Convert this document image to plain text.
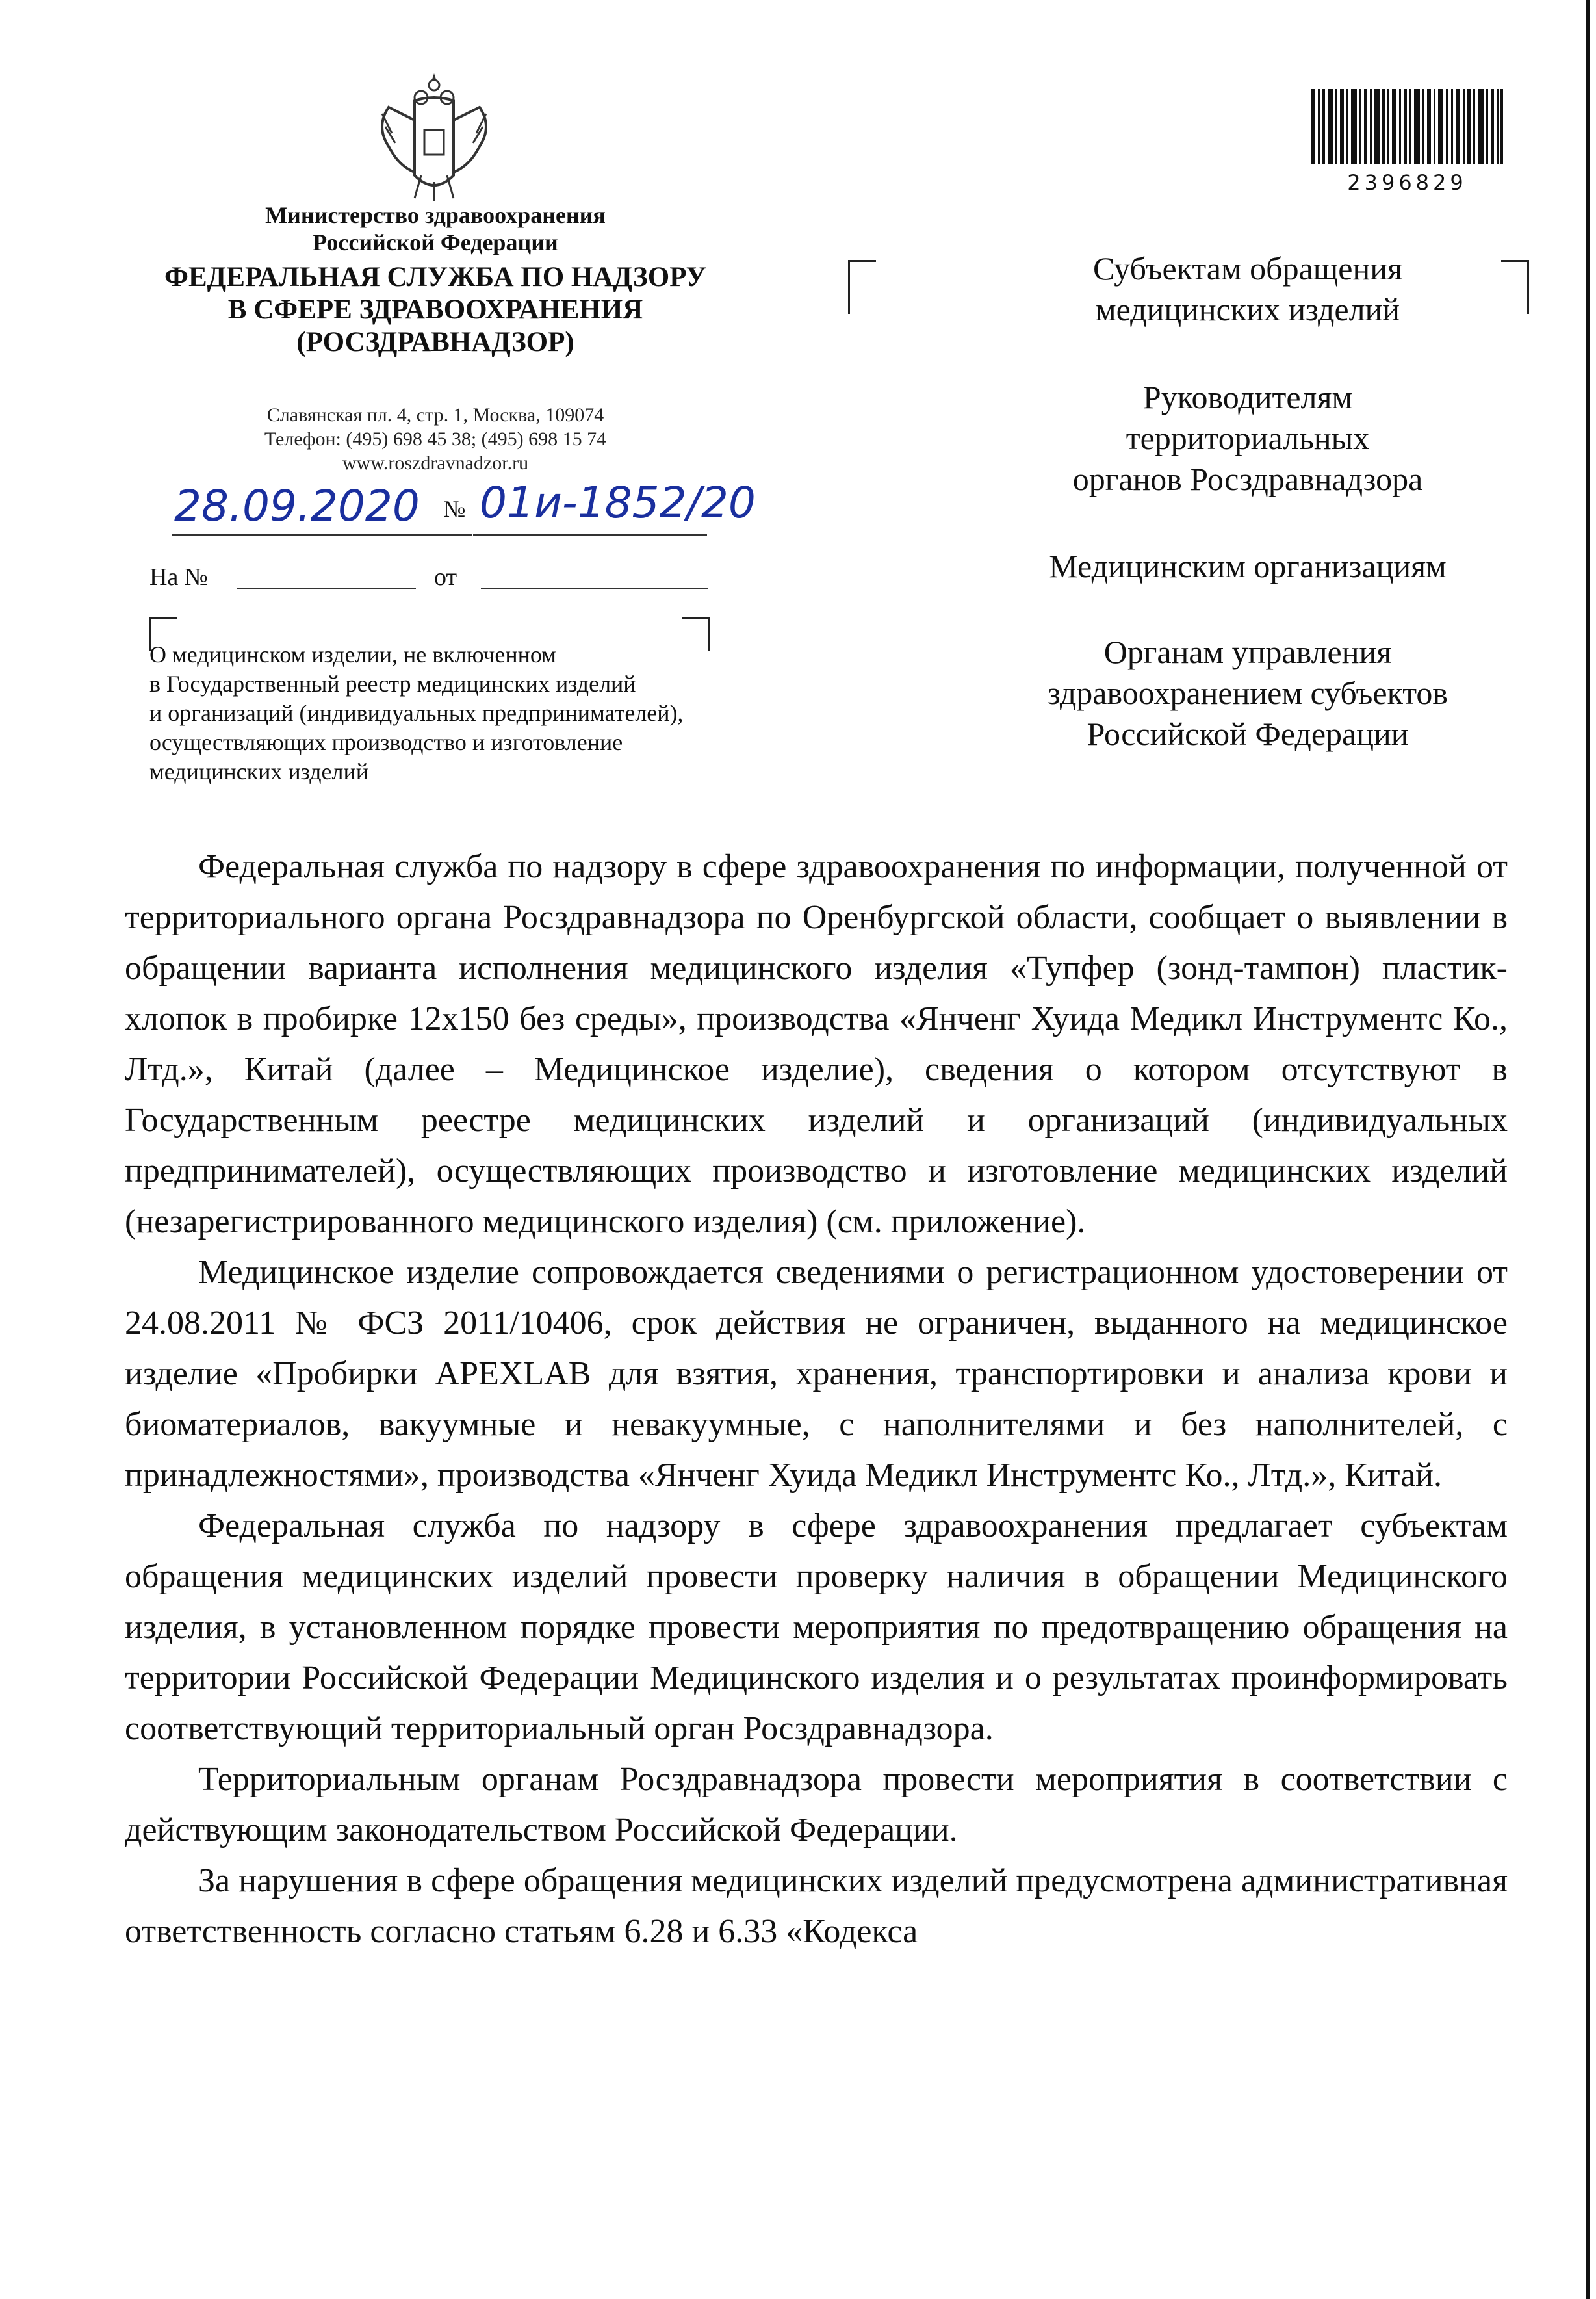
Министерство здравоохранения
Российской Федерации
ФЕДЕРАЛЬНАЯ СЛУЖБА ПО НАДЗОРУ
В СФЕРЕ ЗДРАВООХРАНЕНИЯ
(РОСЗДРАВНАДЗОР)
Славянская пл. 4, стр. 1, Москва, 109074
Телефон: (495) 698 45 38; (495) 698 15 74
www.roszdravnadzor.ru
28.09.2020 № 01и-1852/20
На №	от
О медицинском изделии, не включенном
в Государственный реестр медицинских изделий
и организаций (индивидуальных предпринимателей),
осуществляющих производство и изготовление
медицинских изделий
2396829
Субъектам обращения
медицинских изделий
Руководителям
территориальных
органов Росздравнадзора
Медицинским организациям
Органам управления
здравоохранением субъектов
Российской Федерации

Федеральная служба по надзору в сфере здравоохранения по информации, полученной от территориального органа Росздравнадзора по Оренбургской области, сообщает о выявлении в обращении варианта исполнения медицинского изделия «Тупфер (зонд-тампон) пластик-хлопок в пробирке 12х150 без среды», производства «Янченг Хуида Медикл Инструментс Ко., Лтд.», Китай (далее – Медицинское изделие), сведения о котором отсутствуют в Государственным реестре медицинских изделий и организаций (индивидуальных предпринимателей), осуществляющих производство и изготовление медицинских изделий (незарегистрированного медицинского изделия) (см. приложение).

Медицинское изделие сопровождается сведениями о регистрационном удостоверении от 24.08.2011 № ФСЗ 2011/10406, срок действия не ограничен, выданного на медицинское изделие «Пробирки APEXLAB для взятия, хранения, транспортировки и анализа крови и биоматериалов, вакуумные и невакуумные, с наполнителями и без наполнителей, с принадлежностями», производства «Янченг Хуида Медикл Инструментс Ко., Лтд.», Китай.

Федеральная служба по надзору в сфере здравоохранения предлагает субъектам обращения медицинских изделий провести проверку наличия в обращении Медицинского изделия, в установленном порядке провести мероприятия по предотвращению обращения на территории Российской Федерации Медицинского изделия и о результатах проинформировать соответствующий территориальный орган Росздравнадзора.

Территориальным органам Росздравнадзора провести мероприятия в соответствии с действующим законодательством Российской Федерации.

За нарушения в сфере обращения медицинских изделий предусмотрена административная ответственность согласно статьям 6.28 и 6.33 «Кодекса
